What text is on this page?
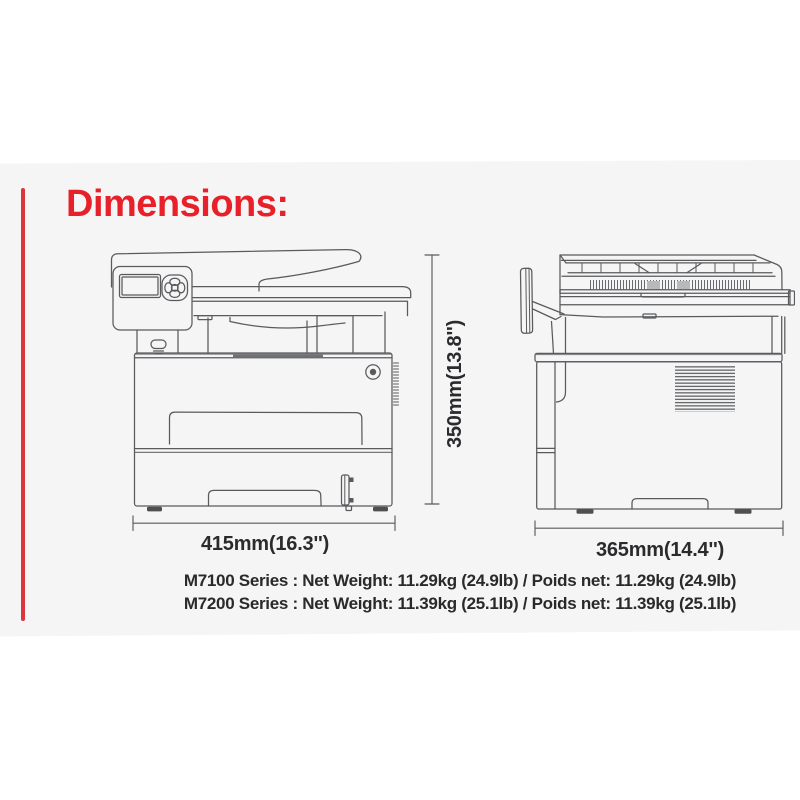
Dimensions:
415mm(16.3'')
350mm(13.8'')
365mm(14.4'')
M7100 Series : Net Weight: 11.29kg (24.9lb) / Poids net: 11.29kg (24.9lb)
M7200 Series : Net Weight: 11.39kg (25.1lb) / Poids net: 11.39kg (25.1lb)
